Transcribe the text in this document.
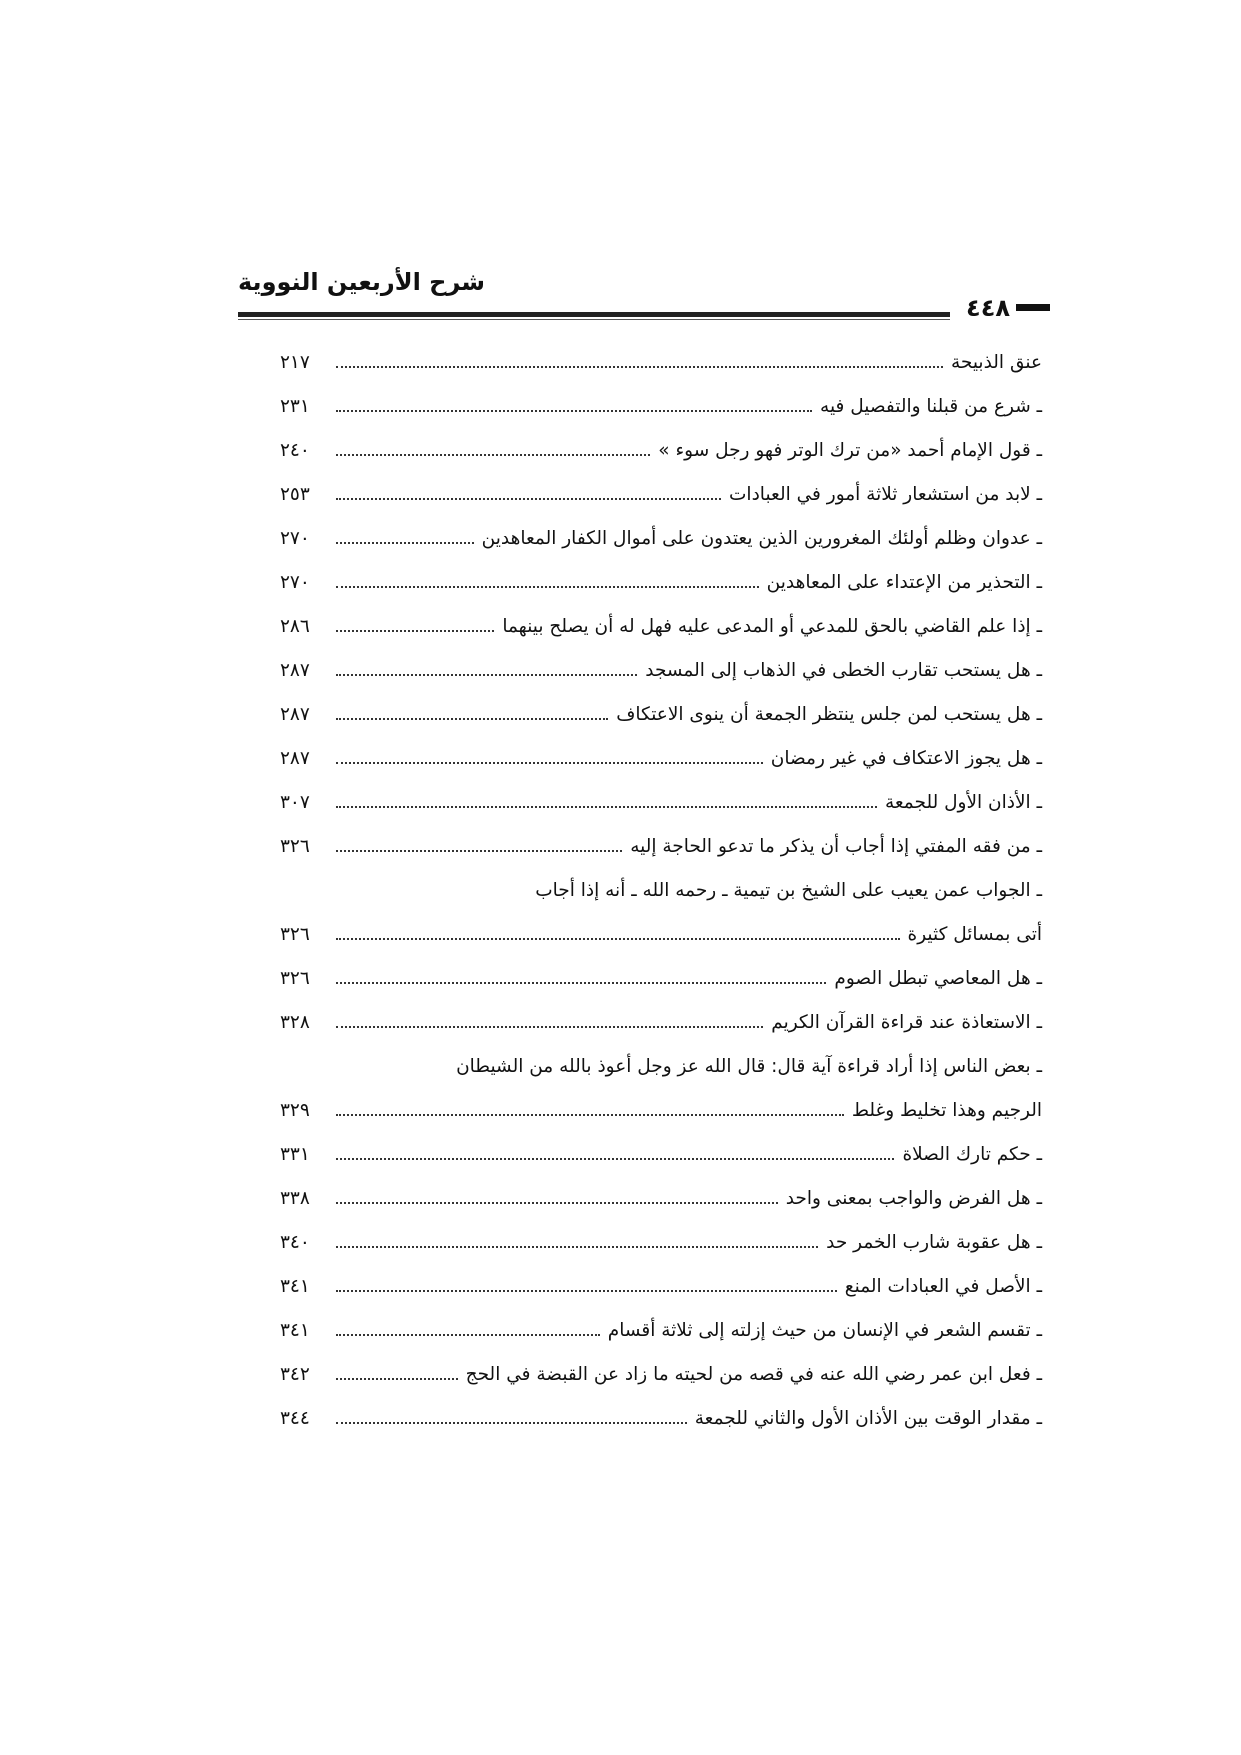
شرح الأربعين النووية
٤٤٨
عنق الذبيحة
٢١٧
ـ شرع من قبلنا والتفصيل فيه
٢٣١
ـ قول الإمام أحمد «من ترك الوتر فهو رجل سوء »
٢٤٠
ـ لابد من استشعار ثلاثة أمور في العبادات
٢٥٣
ـ عدوان وظلم أولئك المغرورين الذين يعتدون على أموال الكفار المعاهدين
٢٧٠
ـ التحذير من الإعتداء على المعاهدين
٢٧٠
ـ إذا علم القاضي بالحق للمدعي أو المدعى عليه فهل له أن يصلح بينهما
٢٨٦
ـ هل يستحب تقارب الخطى في الذهاب إلى المسجد
٢٨٧
ـ هل يستحب لمن جلس ينتظر الجمعة أن ينوى الاعتكاف
٢٨٧
ـ هل يجوز الاعتكاف في غير رمضان
٢٨٧
ـ الأذان الأول للجمعة
٣٠٧
ـ من فقه المفتي إذا أجاب أن يذكر ما تدعو الحاجة إليه
٣٢٦
ـ الجواب عمن يعيب على الشيخ بن تيمية ـ رحمه الله ـ أنه إذا أجاب
أتى بمسائل كثيرة
٣٢٦
ـ هل المعاصي تبطل الصوم
٣٢٦
ـ الاستعاذة عند قراءة القرآن الكريم
٣٢٨
ـ بعض الناس إذا أراد قراءة آية قال: قال الله عز وجل أعوذ بالله من الشيطان
الرجيم وهذا تخليط وغلط
٣٢٩
ـ حكم تارك الصلاة
٣٣١
ـ هل الفرض والواجب بمعنى واحد
٣٣٨
ـ هل عقوبة شارب الخمر حد
٣٤٠
ـ الأصل في العبادات المنع
٣٤١
ـ تقسم الشعر في الإنسان من حيث إزلته إلى ثلاثة أقسام
٣٤١
ـ فعل ابن عمر رضي الله عنه في قصه من لحيته ما زاد عن القبضة في الحج
٣٤٢
ـ مقدار الوقت بين الأذان الأول والثاني للجمعة
٣٤٤
